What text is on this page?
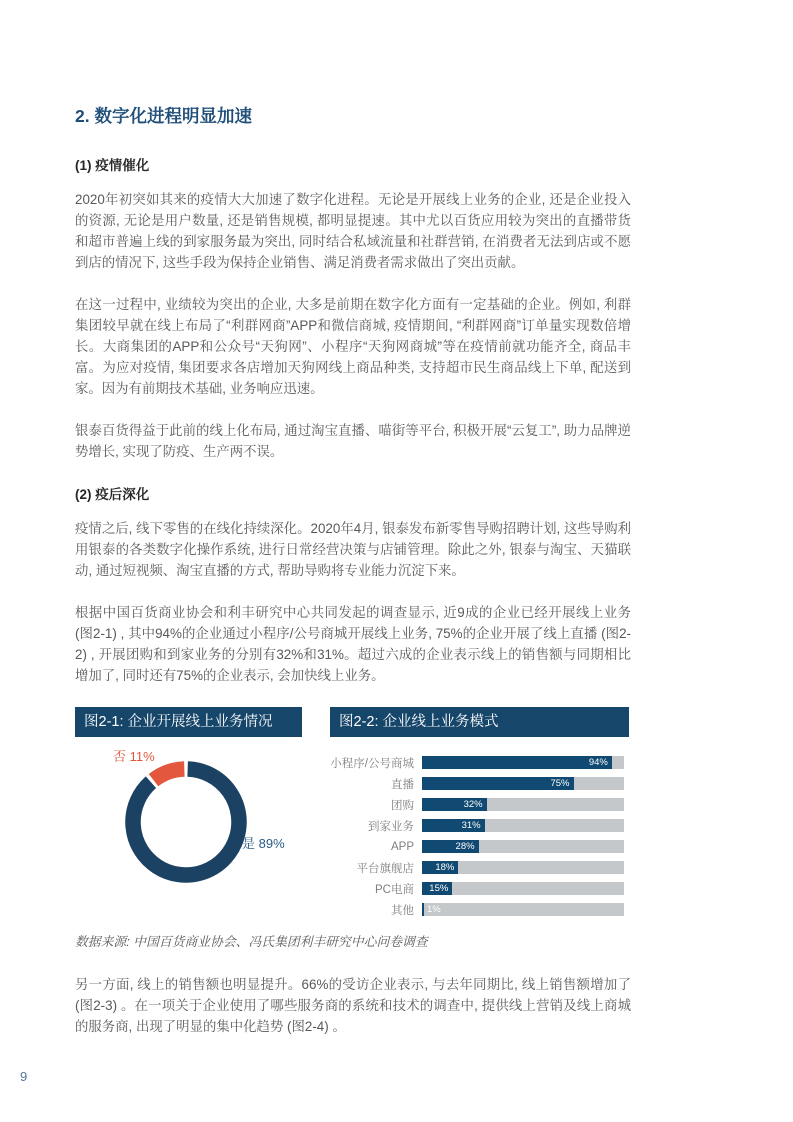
2. 数字化进程明显加速
(1) 疫情催化

2020年初突如其来的疫情大大加速了数字化进程。无论是开展线上业务的企业, 还是企业投入的资源, 无论是用户数量, 还是销售规模, 都明显提速。其中尤以百货应用较为突出的直播带货和超市普遍上线的到家服务最为突出, 同时结合私域流量和社群营销, 在消费者无法到店或不愿到店的情况下, 这些手段为保持企业销售、满足消费者需求做出了突出贡献。

在这一过程中, 业绩较为突出的企业, 大多是前期在数字化方面有一定基础的企业。例如, 利群集团较早就在线上布局了“利群网商”APP和微信商城, 疫情期间, “利群网商”订单量实现数倍增长。大商集团的APP和公众号“天狗网”、小程序“天狗网商城”等在疫情前就功能齐全, 商品丰富。为应对疫情, 集团要求各店增加天狗网线上商品种类, 支持超市民生商品线上下单, 配送到家。因为有前期技术基础, 业务响应迅速。

银泰百货得益于此前的线上化布局, 通过淘宝直播、喵街等平台, 积极开展“云复工”, 助力品牌逆势增长, 实现了防疫、生产两不误。

(2) 疫后深化

疫情之后, 线下零售的在线化持续深化。2020年4月, 银泰发布新零售导购招聘计划, 这些导购利用银泰的各类数字化操作系统, 进行日常经营决策与店铺管理。除此之外, 银泰与淘宝、天猫联动, 通过短视频、淘宝直播的方式, 帮助导购将专业能力沉淀下来。

根据中国百货商业协会和利丰研究中心共同发起的调查显示, 近9成的企业已经开展线上业务 (图2-1) , 其中94%的企业通过小程序/公号商城开展线上业务, 75%的企业开展了线上直播 (图2-2) , 开展团购和到家业务的分别有32%和31%。超过六成的企业表示线上的销售额与同期相比增加了, 同时还有75%的企业表示, 会加快线上业务。

图2-1: 企业开展线上业务情况
否 11%
是 89%
图2-2: 企业线上业务模式
小程序/公号商城	94%
直播	75%
团购	32%
到家业务	31%
APP	28%
平台旗舰店	18%
PC电商	15%
其他	1%
数据来源: 中国百货商业协会、冯氏集团利丰研究中心问卷调查

另一方面, 线上的销售额也明显提升。66%的受访企业表示, 与去年同期比, 线上销售额增加了 (图2-3) 。在一项关于企业使用了哪些服务商的系统和技术的调查中, 提供线上营销及线上商城的服务商, 出现了明显的集中化趋势 (图2-4) 。

9
